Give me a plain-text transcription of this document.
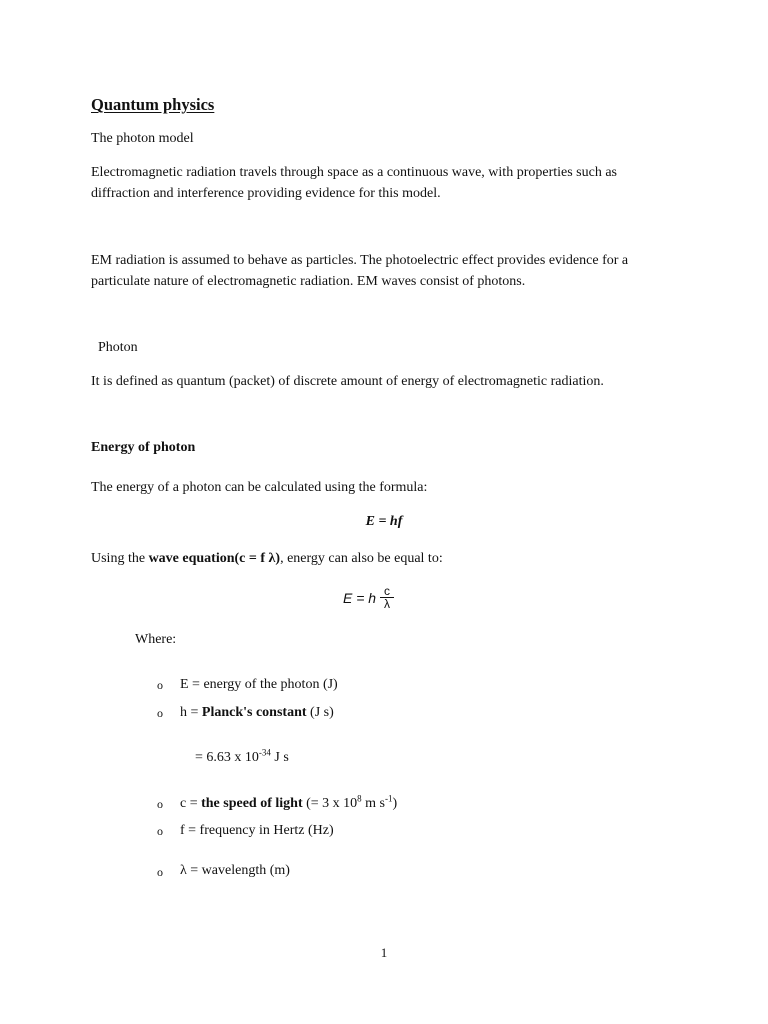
Quantum physics
The photon model
Electromagnetic radiation travels through space as a continuous wave, with properties such as
diffraction and interference providing evidence for this model.
EM radiation is assumed to behave as particles. The photoelectric effect provides evidence for a
particulate nature of electromagnetic radiation. EM waves consist of photons.
Photon
It is defined as quantum (packet) of discrete amount of energy of electromagnetic radiation.
Energy of photon
The energy of a photon can be calculated using the formula:
E = hf
Using the wave equation(c = f λ), energy can also be equal to:
E = h $\frac{c}{\lambda}$
Where:
o E = energy of the photon (J)
o h = Planck's constant (J s)
= 6.63 x $10^{-34}$ J s
o c = the speed of light (= 3 x $10^8$ m $s^{-1}$)
o f = frequency in Hertz (Hz)
o λ = wavelength (m)
1
